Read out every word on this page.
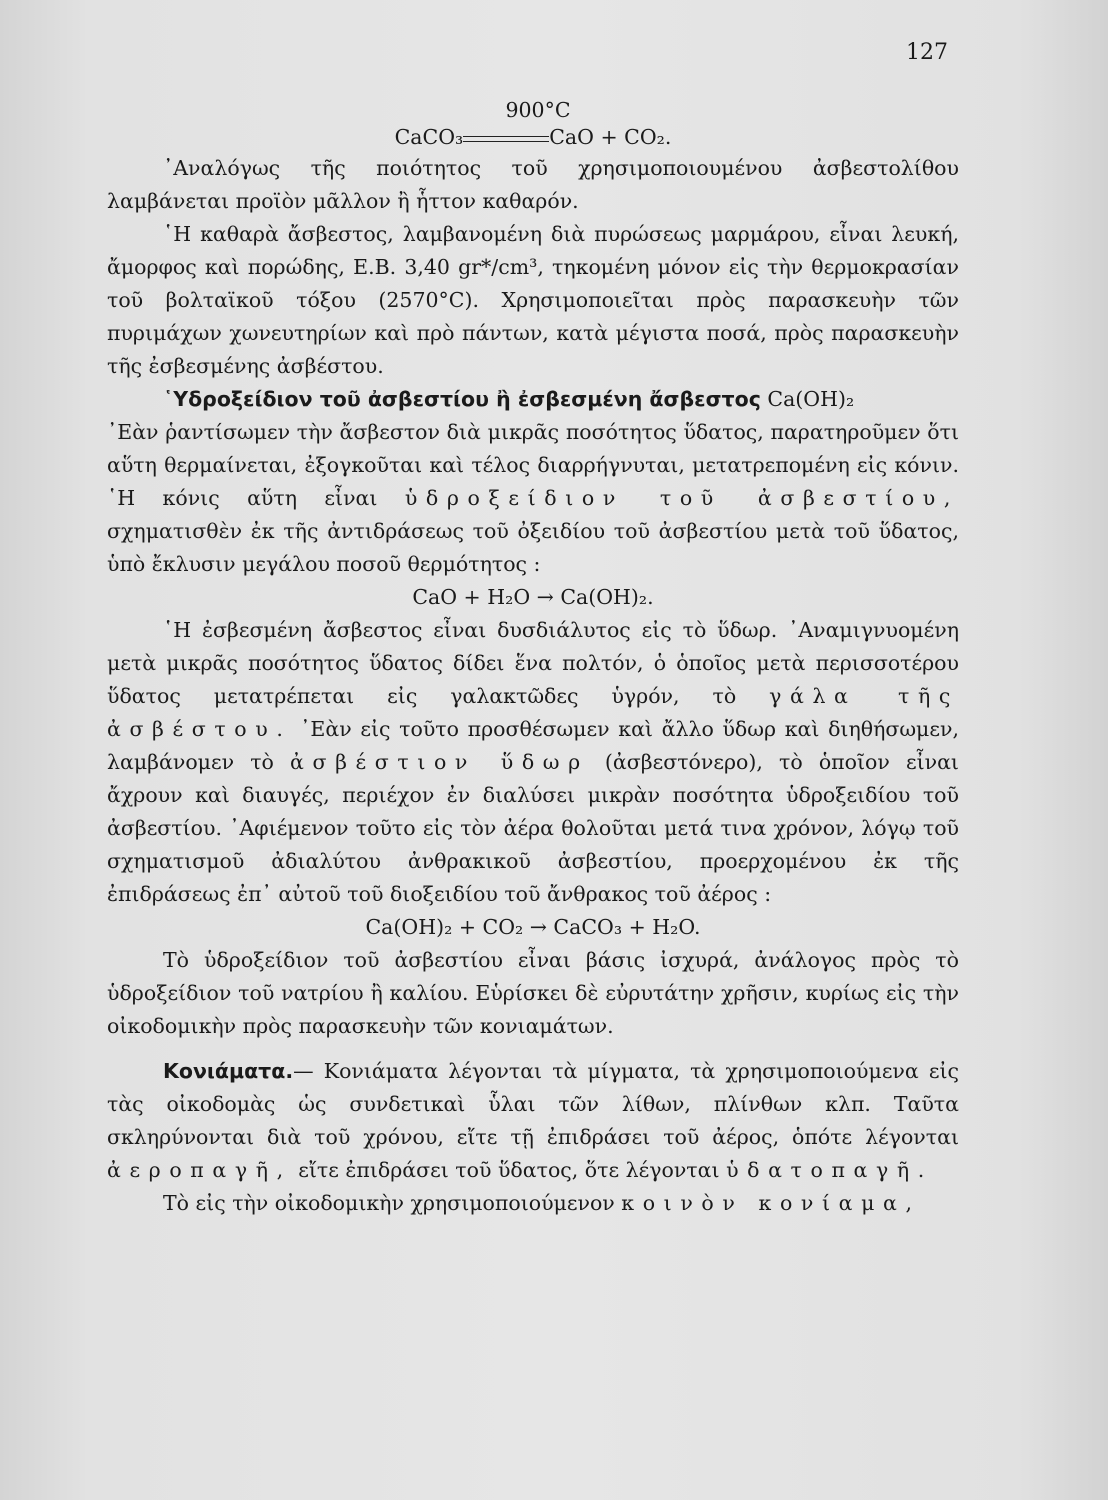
127
900°C
CaCO₃	CaO + CO₂.

᾿Αναλόγως τῆς ποιότητος τοῦ χρησιμοποιουμένου ἀσβεστολίθου λαμβάνεται προϊὸν μᾶλλον ἢ ἧττον καθαρόν.

῾Η καθαρὰ ἄσβεστος, λαμβανομένη διὰ πυρώσεως μαρμάρου, εἶναι λευκή, ἄμορφος καὶ πορώδης, Ε.Β. 3,40 gr*/cm³, τηκομένη μόνον εἰς τὴν θερμοκρασίαν τοῦ βολταϊκοῦ τόξου (2570°C). Χρησιμοποιεῖται πρὸς παρασκευὴν τῶν πυριμάχων χωνευτηρίων καὶ πρὸ πάντων, κατὰ μέγιστα ποσά, πρὸς παρασκευὴν τῆς ἐσβεσμένης ἀσβέστου.

῾Υδροξείδιον τοῦ ἀσβεστίου ἢ ἐσβεσμένη ἄσβεστος Ca(OH)₂

᾿Εὰν ῥαντίσωμεν τὴν ἄσβεστον διὰ μικρᾶς ποσότητος ὕδατος, παρατηροῦμεν ὅτι αὕτη θερμαίνεται, ἐξογκοῦται καὶ τέλος διαρρήγνυται, μετατρεπομένη εἰς κόνιν. ῾Η κόνις αὕτη εἶναι ὑδροξείδιον τοῦ ἀσβεστίου, σχηματισθὲν ἐκ τῆς ἀντιδράσεως τοῦ ὀξειδίου τοῦ ἀσβεστίου μετὰ τοῦ ὕδατος, ὑπὸ ἔκλυσιν μεγάλου ποσοῦ θερμότητος :

CaO + H₂O → Ca(OH)₂.

῾Η ἐσβεσμένη ἄσβεστος εἶναι δυσδιάλυτος εἰς τὸ ὕδωρ. ᾿Αναμιγνυομένη μετὰ μικρᾶς ποσότητος ὕδατος δίδει ἕνα πολτόν, ὁ ὁποῖος μετὰ περισσοτέρου ὕδατος μετατρέπεται εἰς γαλακτῶδες ὑγρόν, τὸ γάλα τῆς ἀσβέστου. ᾿Εὰν εἰς τοῦτο προσθέσωμεν καὶ ἄλλο ὕδωρ καὶ διηθήσωμεν, λαμβάνομεν τὸ ἀσβέστιον ὕδωρ (ἀσβεστόνερο), τὸ ὁποῖον εἶναι ἄχρουν καὶ διαυγές, περιέχον ἐν διαλύσει μικρὰν ποσότητα ὑδροξειδίου τοῦ ἀσβεστίου. ᾿Αφιέμενον τοῦτο εἰς τὸν ἀέρα θολοῦται μετά τινα χρόνον, λόγῳ τοῦ σχηματισμοῦ ἀδιαλύτου ἀνθρακικοῦ ἀσβεστίου, προερχομένου ἐκ τῆς ἐπιδράσεως ἐπ᾿ αὐτοῦ τοῦ διοξειδίου τοῦ ἄνθρακος τοῦ ἀέρος :

Ca(OH)₂ + CO₂ → CaCO₃ + H₂O.

Τὸ ὑδροξείδιον τοῦ ἀσβεστίου εἶναι βάσις ἰσχυρά, ἀνάλογος πρὸς τὸ ὑδροξείδιον τοῦ νατρίου ἢ καλίου. Εὑρίσκει δὲ εὐρυτάτην χρῆσιν, κυρίως εἰς τὴν οἰκοδομικὴν πρὸς παρασκευὴν τῶν κονιαμάτων.

Κονιάματα.— Κονιάματα λέγονται τὰ μίγματα, τὰ χρησιμοποιούμενα εἰς τὰς οἰκοδομὰς ὡς συνδετικαὶ ὗλαι τῶν λίθων, πλίνθων κλπ. Ταῦτα σκληρύνονται διὰ τοῦ χρόνου, εἴτε τῇ ἐπιδράσει τοῦ ἀέρος, ὁπότε λέγονται ἀεροπαγῆ, εἴτε ἐπιδράσει τοῦ ὕδατος, ὅτε λέγονται ὑδατοπαγῆ.

Τὸ εἰς τὴν οἰκοδομικὴν χρησιμοποιούμενον κοινὸν κονίαμα,
